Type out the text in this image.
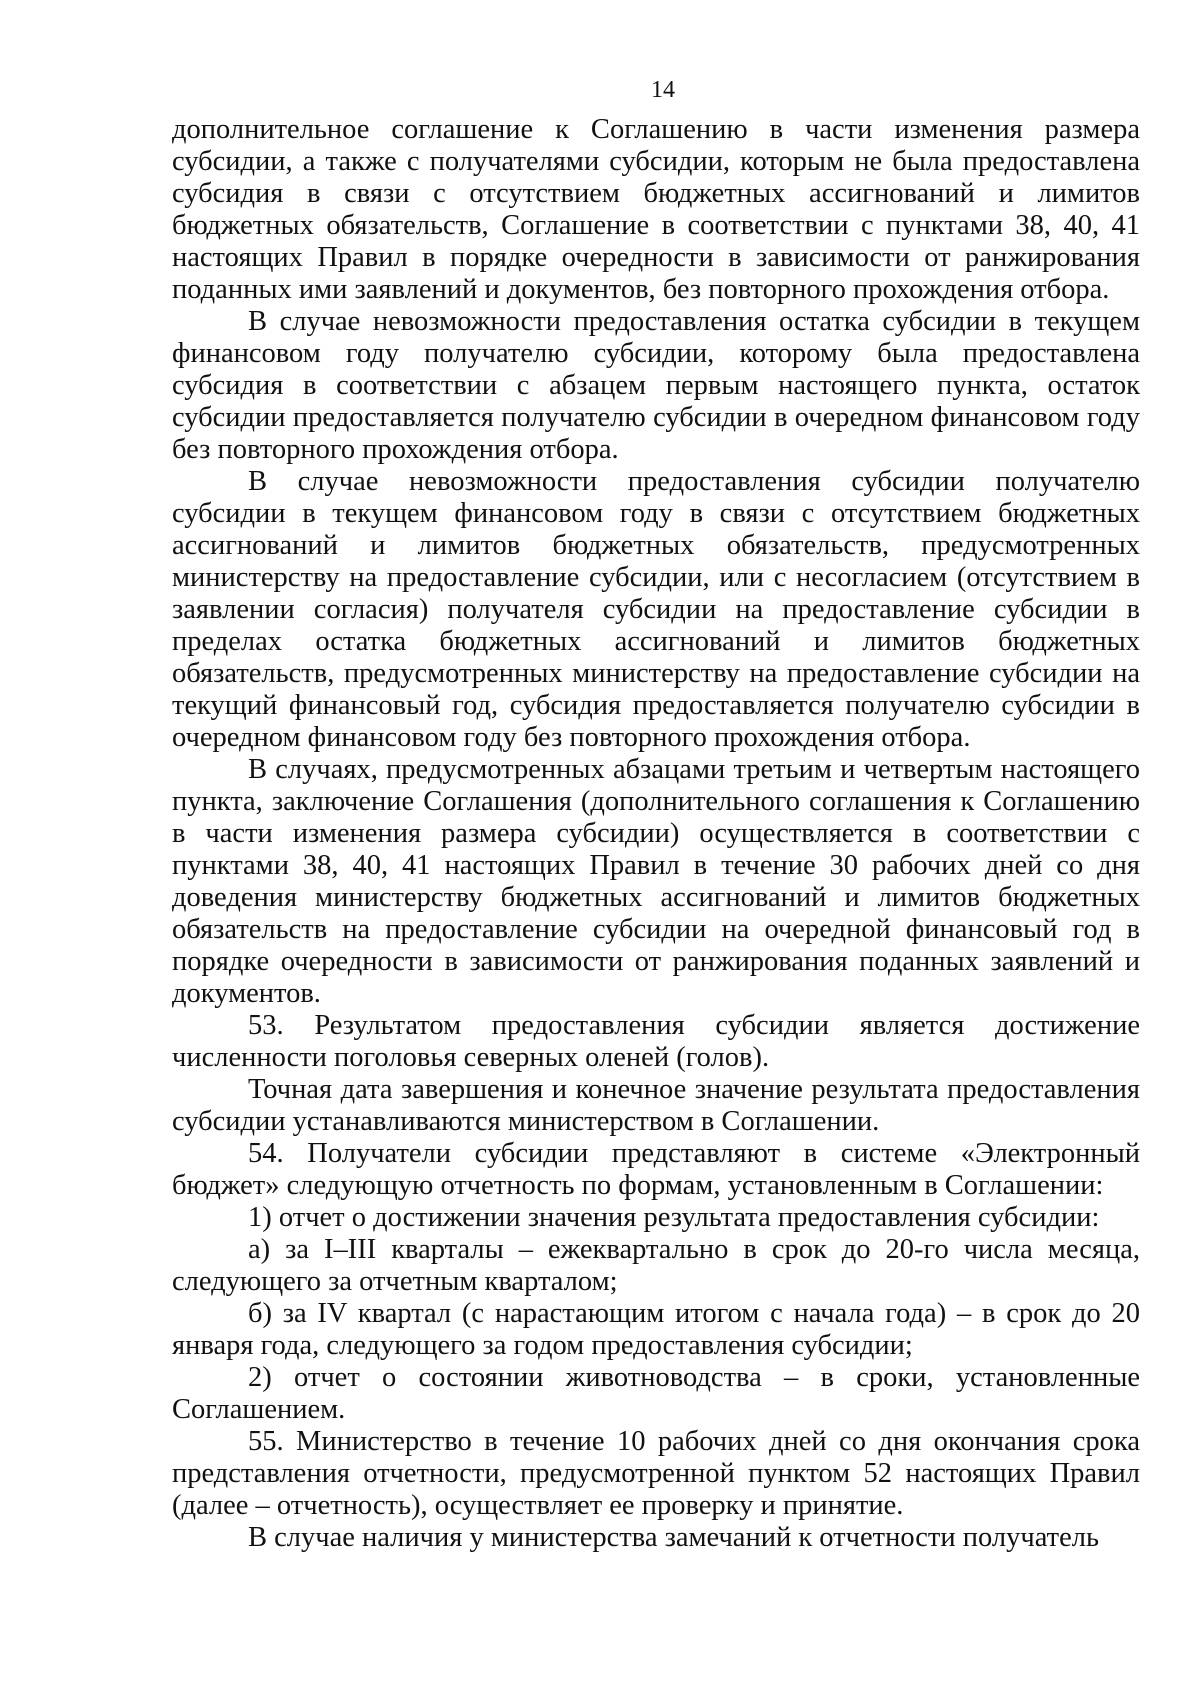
14

дополнительное соглашение к Соглашению в части изменения размера субсидии, а также с получателями субсидии, которым не была предоставлена субсидия в связи с отсутствием бюджетных ассигнований и лимитов бюджетных обязательств, Соглашение в соответствии с пунктами 38, 40, 41 настоящих Правил в порядке очередности в зависимости от ранжирования поданных ими заявлений и документов, без повторного прохождения отбора.

В случае невозможности предоставления остатка субсидии в текущем финансовом году получателю субсидии, которому была предоставлена субсидия в соответствии с абзацем первым настоящего пункта, остаток субсидии предоставляется получателю субсидии в очередном финансовом году без повторного прохождения отбора.

В случае невозможности предоставления субсидии получателю субсидии в текущем финансовом году в связи с отсутствием бюджетных ассигнований и лимитов бюджетных обязательств, предусмотренных министерству на предоставление субсидии, или с несогласием (отсутствием в заявлении согласия) получателя субсидии на предоставление субсидии в пределах остатка бюджетных ассигнований и лимитов бюджетных обязательств, предусмотренных министерству на предоставление субсидии на текущий финансовый год, субсидия предоставляется получателю субсидии в очередном финансовом году без повторного прохождения отбора.

В случаях, предусмотренных абзацами третьим и четвертым настоящего пункта, заключение Соглашения (дополнительного соглашения к Соглашению в части изменения размера субсидии) осуществляется в соответствии с пунктами 38, 40, 41 настоящих Правил в течение 30 рабочих дней со дня доведения министерству бюджетных ассигнований и лимитов бюджетных обязательств на предоставление субсидии на очередной финансовый год в порядке очередности в зависимости от ранжирования поданных заявлений и документов.

53. Результатом предоставления субсидии является достижение численности поголовья северных оленей (голов).

Точная дата завершения и конечное значение результата предоставления субсидии устанавливаются министерством в Соглашении.

54. Получатели субсидии представляют в системе «Электронный бюджет» следующую отчетность по формам, установленным в Соглашении:

1) отчет о достижении значения результата предоставления субсидии:

а) за I–III кварталы – ежеквартально в срок до 20-го числа месяца, следующего за отчетным кварталом;

б) за IV квартал (с нарастающим итогом с начала года) – в срок до 20 января года, следующего за годом предоставления субсидии;

2) отчет о состоянии животноводства – в сроки, установленные Соглашением.

55. Министерство в течение 10 рабочих дней со дня окончания срока представления отчетности, предусмотренной пунктом 52 настоящих Правил (далее – отчетность), осуществляет ее проверку и принятие.

В случае наличия у министерства замечаний к отчетности получатель
